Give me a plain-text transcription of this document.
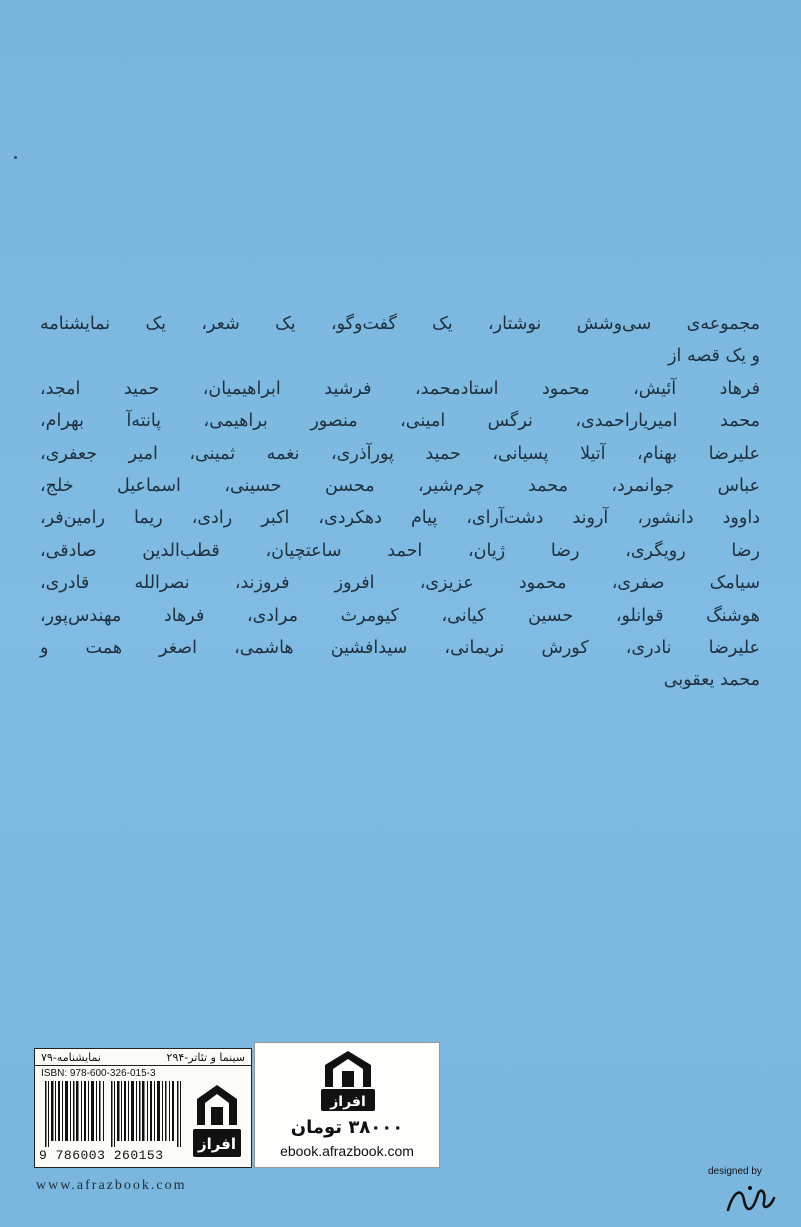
مجموعه‌ی سی‌وشش نوشتار، یک گفت‌وگو، یک شعر، یک نمایشنامه
و یک قصه از
فرهاد آئیش، محمود استادمحمد، فرشید ابراهیمیان، حمید امجد،
محمد امیریاراحمدی، نرگس امینی، منصور براهیمی، پانته‌آ بهرام،
علیرضا بهنام، آتیلا پسیانی، حمید پورآذری، نغمه ثمینی، امیر جعفری،
عباس جوانمرد، محمد چرم‌شیر، محسن حسینی، اسماعیل خلج،
داوود دانشور، آروند دشت‌آرای، پیام دهکردی، اکبر رادی، ریما رامین‌فر،
رضا رویگری، رضا ژیان، احمد ساعتچیان، قطب‌الدین صادقی،
سیامک صفری، محمود عزیزی، افروز فروزند، نصرالله قادری،
هوشنگ قوانلو، حسین کیانی، کیومرث مرادی، فرهاد مهندس‌پور،
علیرضا نادری، کورش نریمانی، سیدافشین هاشمی، اصغر همت و
محمد یعقوبی
سینما و تئاتر-۲۹۴
نمایشنامه-۷۹
ISBN: 978-600-326-015-3
9 786003 260153
افراز
افراز
۳۸۰۰۰ تومان
ebook.afrazbook.com
www.afrazbook.com
designed by
